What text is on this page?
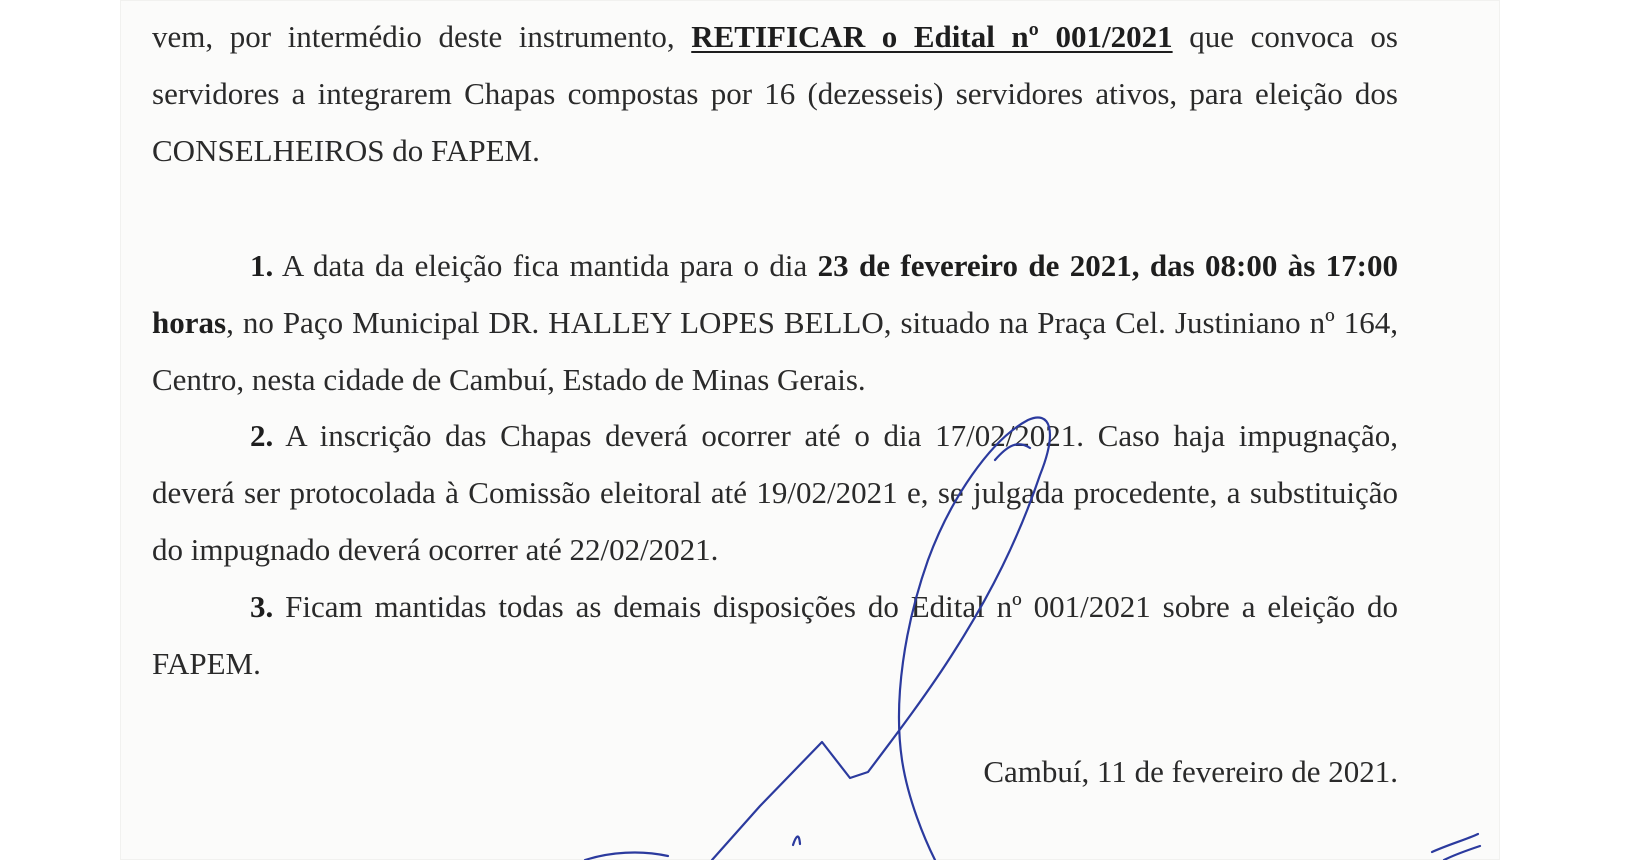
vem, por intermédio deste instrumento, RETIFICAR o Edital nº 001/2021 que convoca os servidores a integrarem Chapas compostas por 16 (dezesseis) servidores ativos, para eleição dos CONSELHEIROS do FAPEM.

1. A data da eleição fica mantida para o dia 23 de fevereiro de 2021, das 08:00 às 17:00 horas, no Paço Municipal DR. HALLEY LOPES BELLO, situado na Praça Cel. Justiniano nº 164, Centro, nesta cidade de Cambuí, Estado de Minas Gerais.

2. A inscrição das Chapas deverá ocorrer até o dia 17/02/2021. Caso haja impugnação, deverá ser protocolada à Comissão eleitoral até 19/02/2021 e, se julgada procedente, a substituição do impugnado deverá ocorrer até 22/02/2021.

3. Ficam mantidas todas as demais disposições do Edital nº 001/2021 sobre a eleição do FAPEM.

Cambuí, 11 de fevereiro de 2021.
